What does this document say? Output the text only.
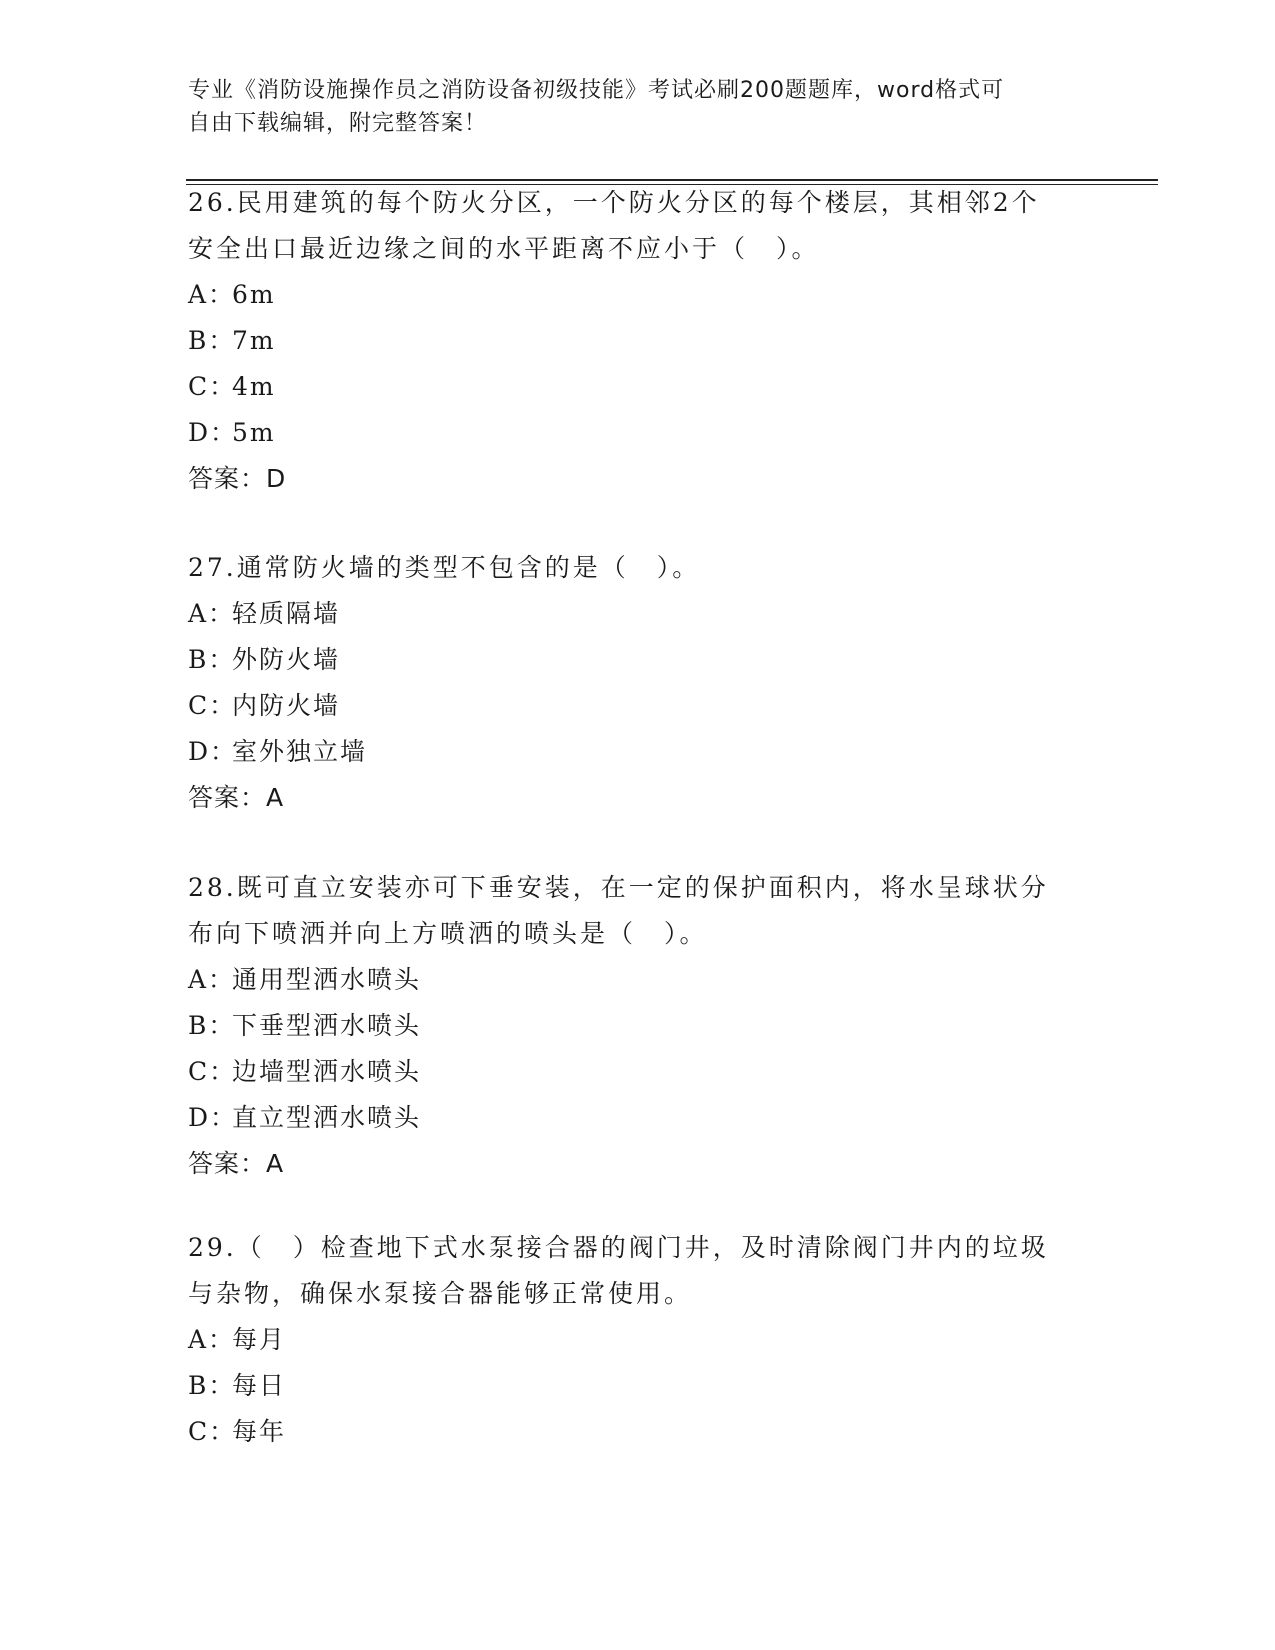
专业《消防设施操作员之消防设备初级技能》考试必刷200题题库，word格式可
自由下载编辑，附完整答案！

26.民用建筑的每个防火分区，一个防火分区的每个楼层，其相邻2个

安全出口最近边缘之间的水平距离不应小于（　）。

A：6m

B：7m

C：4m

D：5m

答案：D

27.通常防火墙的类型不包含的是（　）。

A：轻质隔墙

B：外防火墙

C：内防火墙

D：室外独立墙

答案：A

28.既可直立安装亦可下垂安装，在一定的保护面积内，将水呈球状分

布向下喷洒并向上方喷洒的喷头是（　）。

A：通用型洒水喷头

B：下垂型洒水喷头

C：边墙型洒水喷头

D：直立型洒水喷头

答案：A

29.（　）检查地下式水泵接合器的阀门井，及时清除阀门井内的垃圾

与杂物，确保水泵接合器能够正常使用。

A：每月

B：每日

C：每年
